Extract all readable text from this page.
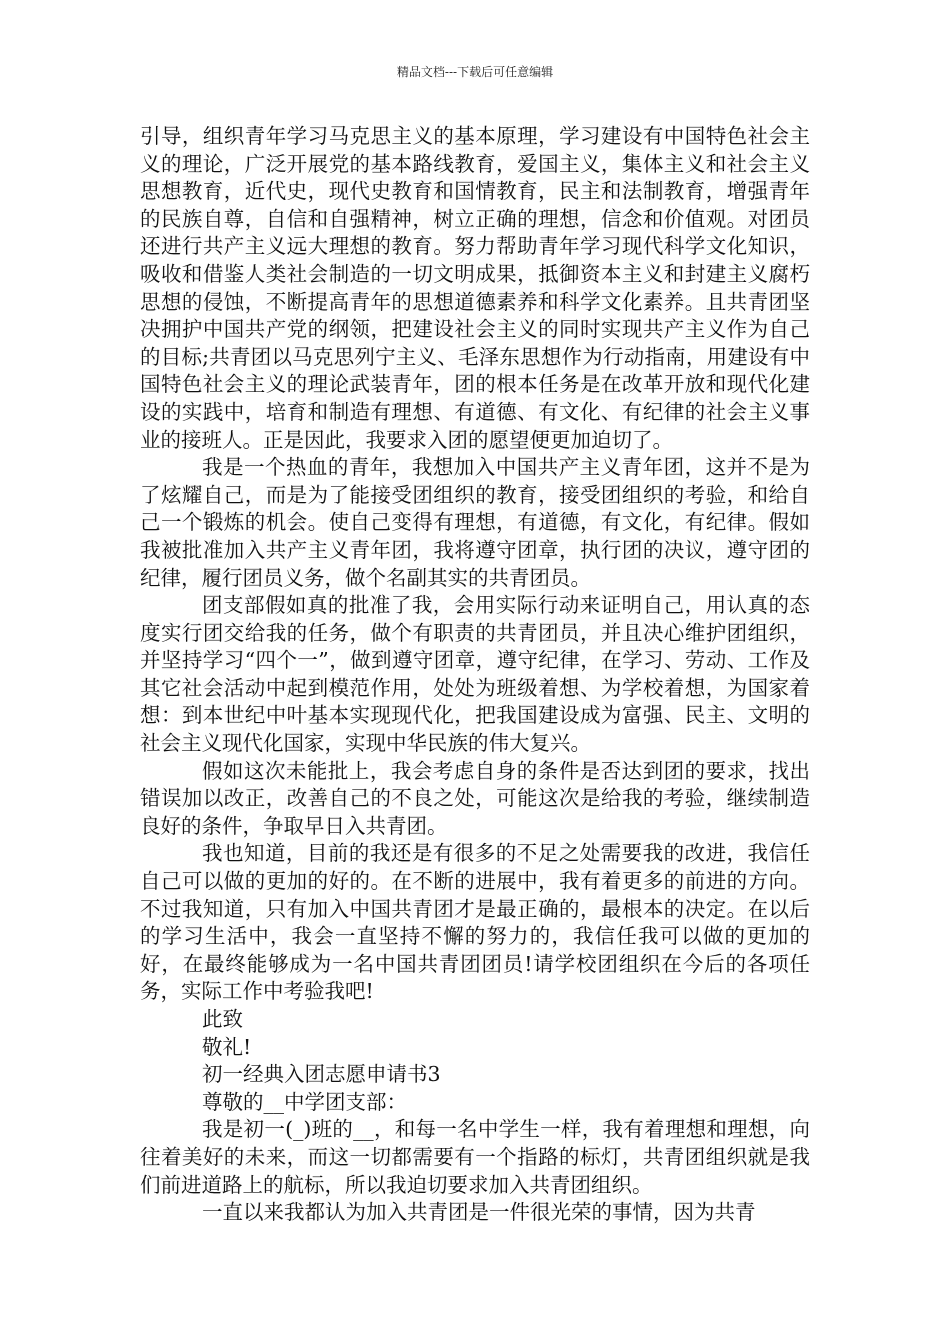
精品文档---下载后可任意编辑

引导，组织青年学习马克思主义的基本原理，学习建设有中国特色社会主义的理论，广泛开展党的基本路线教育，爱国主义，集体主义和社会主义思想教育，近代史，现代史教育和国情教育，民主和法制教育，增强青年的民族自尊，自信和自强精神，树立正确的理想，信念和价值观。对团员还进行共产主义远大理想的教育。努力帮助青年学习现代科学文化知识，吸收和借鉴人类社会制造的一切文明成果，抵御资本主义和封建主义腐朽思想的侵蚀，不断提高青年的思想道德素养和科学文化素养。且共青团坚决拥护中国共产党的纲领，把建设社会主义的同时实现共产主义作为自己的目标;共青团以马克思列宁主义、毛泽东思想作为行动指南，用建设有中国特色社会主义的理论武装青年，团的根本任务是在改革开放和现代化建设的实践中，培育和制造有理想、有道德、有文化、有纪律的社会主义事业的接班人。正是因此，我要求入团的愿望便更加迫切了。

我是一个热血的青年，我想加入中国共产主义青年团，这并不是为了炫耀自己，而是为了能接受团组织的教育，接受团组织的考验，和给自己一个锻炼的机会。使自己变得有理想，有道德，有文化，有纪律。假如我被批准加入共产主义青年团，我将遵守团章，执行团的决议，遵守团的纪律，履行团员义务，做个名副其实的共青团员。

团支部假如真的批准了我，会用实际行动来证明自己，用认真的态度实行团交给我的任务，做个有职责的共青团员，并且决心维护团组织，并坚持学习“四个一”，做到遵守团章，遵守纪律，在学习、劳动、工作及其它社会活动中起到模范作用，处处为班级着想、为学校着想，为国家着想：到本世纪中叶基本实现现代化，把我国建设成为富强、民主、文明的社会主义现代化国家，实现中华民族的伟大复兴。

假如这次未能批上，我会考虑自身的条件是否达到团的要求，找出错误加以改正，改善自己的不良之处，可能这次是给我的考验，继续制造良好的条件，争取早日入共青团。

我也知道，目前的我还是有很多的不足之处需要我的改进，我信任自己可以做的更加的好的。在不断的进展中，我有着更多的前进的方向。不过我知道，只有加入中国共青团才是最正确的，最根本的决定。在以后的学习生活中，我会一直坚持不懈的努力的，我信任我可以做的更加的好，在最终能够成为一名中国共青团团员!请学校团组织在今后的各项任务，实际工作中考验我吧!

此致

敬礼!

初一经典入团志愿申请书3

尊敬的__中学团支部：

我是初一(_)班的__，和每一名中学生一样，我有着理想和理想，向往着美好的未来，而这一切都需要有一个指路的标灯，共青团组织就是我们前进道路上的航标，所以我迫切要求加入共青团组织。

一直以来我都认为加入共青团是一件很光荣的事情，因为共青
